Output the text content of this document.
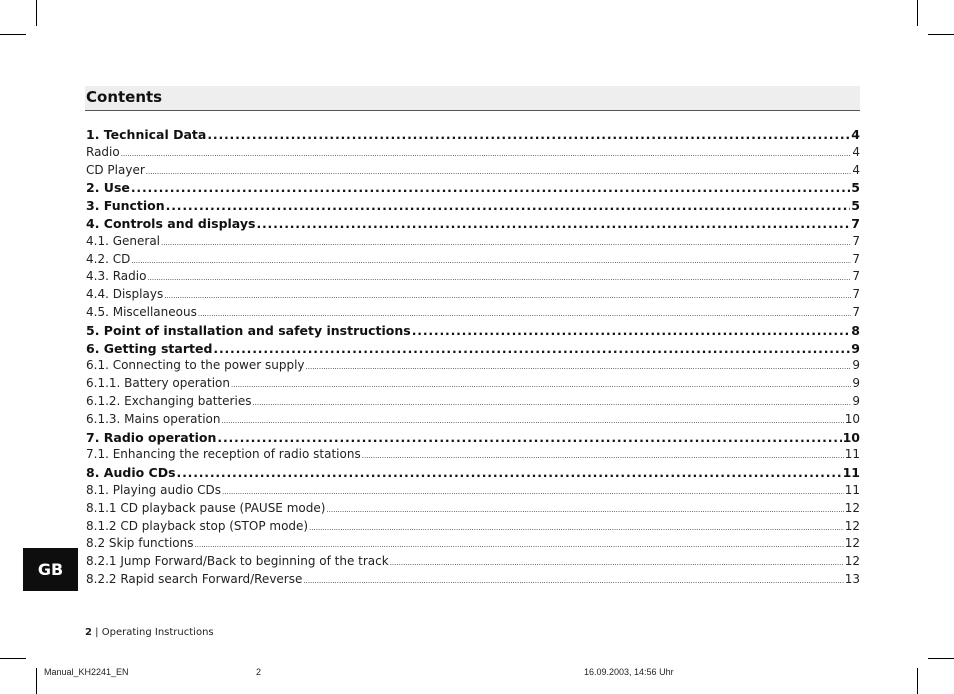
Contents
1. Technical Data .....	4
Radio .....	4
CD Player .....	4
2. Use .....	5
3. Function .....	5
4. Controls and displays .....	7
4.1. General .....	7
4.2. CD .....	7
4.3. Radio .....	7
4.4. Displays .....	7
4.5. Miscellaneous .....	7
5. Point of installation and safety instructions .....	8
6. Getting started .....	9
6.1. Connecting to the power supply .....	9
6.1.1. Battery operation .....	9
6.1.2. Exchanging batteries .....	9
6.1.3. Mains operation .....	10
7. Radio operation .....	10
7.1. Enhancing the reception of radio stations .....	11
8. Audio CDs .....	11
8.1. Playing audio CDs .....	11
8.1.1 CD playback pause (PAUSE mode) .....	12
8.1.2 CD playback stop (STOP mode) .....	12
8.2 Skip functions .....	12
8.2.1 Jump Forward/Back to beginning of the track .....	12
8.2.2 Rapid search Forward/Reverse .....	13
GB
2 | Operating Instructions
Manual_KH2241_EN	2	16.09.2003, 14:56 Uhr
